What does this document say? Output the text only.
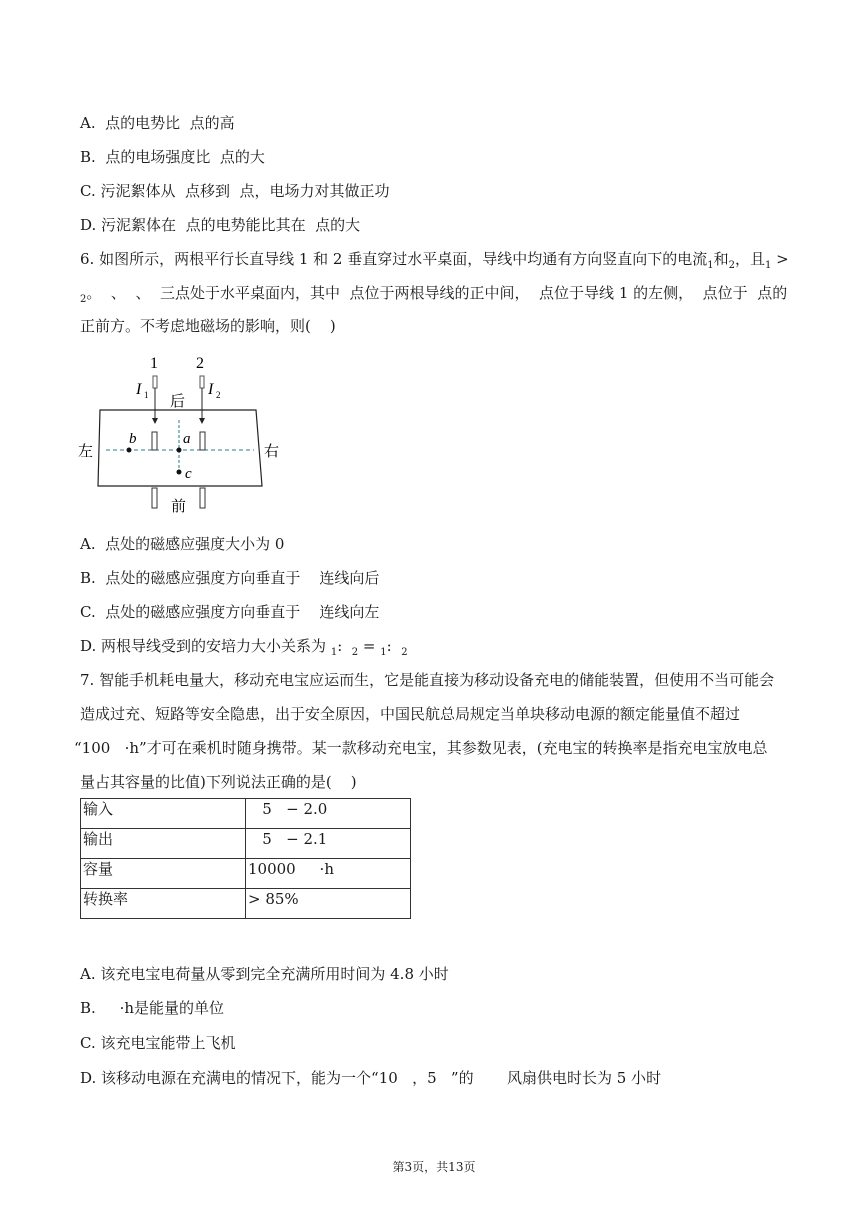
A.  点的电势比  点的高
B.  点的电场强度比  点的大
C. 污泥絮体从  点移到  点，电场力对其做正功
D. 污泥絮体在  点的电势能比其在  点的大
6. 如图所示，两根平行长直导线 1 和 2 垂直穿过水平桌面，导线中均通有方向竖直向下的电流$_1$和$_2$，且$_1$ >
$_2$。  、  、  三点处于水平桌面内，其中  点位于两根导线的正中间，  点位于导线 1 的左侧，  点位于  点的
正前方。不考虑地磁场的影响，则(    )
1 2
I 1	I 2
后
前
左	右
a
b
c
A.  点处的磁感应强度大小为 0
B.  点处的磁感应强度方向垂直于    连线向后
C.  点处的磁感应强度方向垂直于    连线向左
D. 两根导线受到的安培力大小关系为 $_1$:  $_2$ = $_1$:  $_2$
7. 智能手机耗电量大，移动充电宝应运而生，它是能直接为移动设备充电的储能装置，但使用不当可能会
造成过充、短路等安全隐患，出于安全原因，中国民航总局规定当单块移动电源的额定能量值不超过
“100   ·h”才可在乘机时随身携带。某一款移动充电宝，其参数见表，(充电宝的转换率是指充电宝放电总
量占其容量的比值)下列说法正确的是(    )
输入	5   − 2.0
输出	5   − 2.1
容量	10000     ·h
转换率	> 85%
A. 该充电宝电荷量从零到完全充满所用时间为 4.8 小时
B.     ·h是能量的单位
C. 该充电宝能带上飞机
D. 该移动电源在充满电的情况下，能为一个“10   ，5   ”的       风扇供电时长为 5 小时
第3页，共13页
